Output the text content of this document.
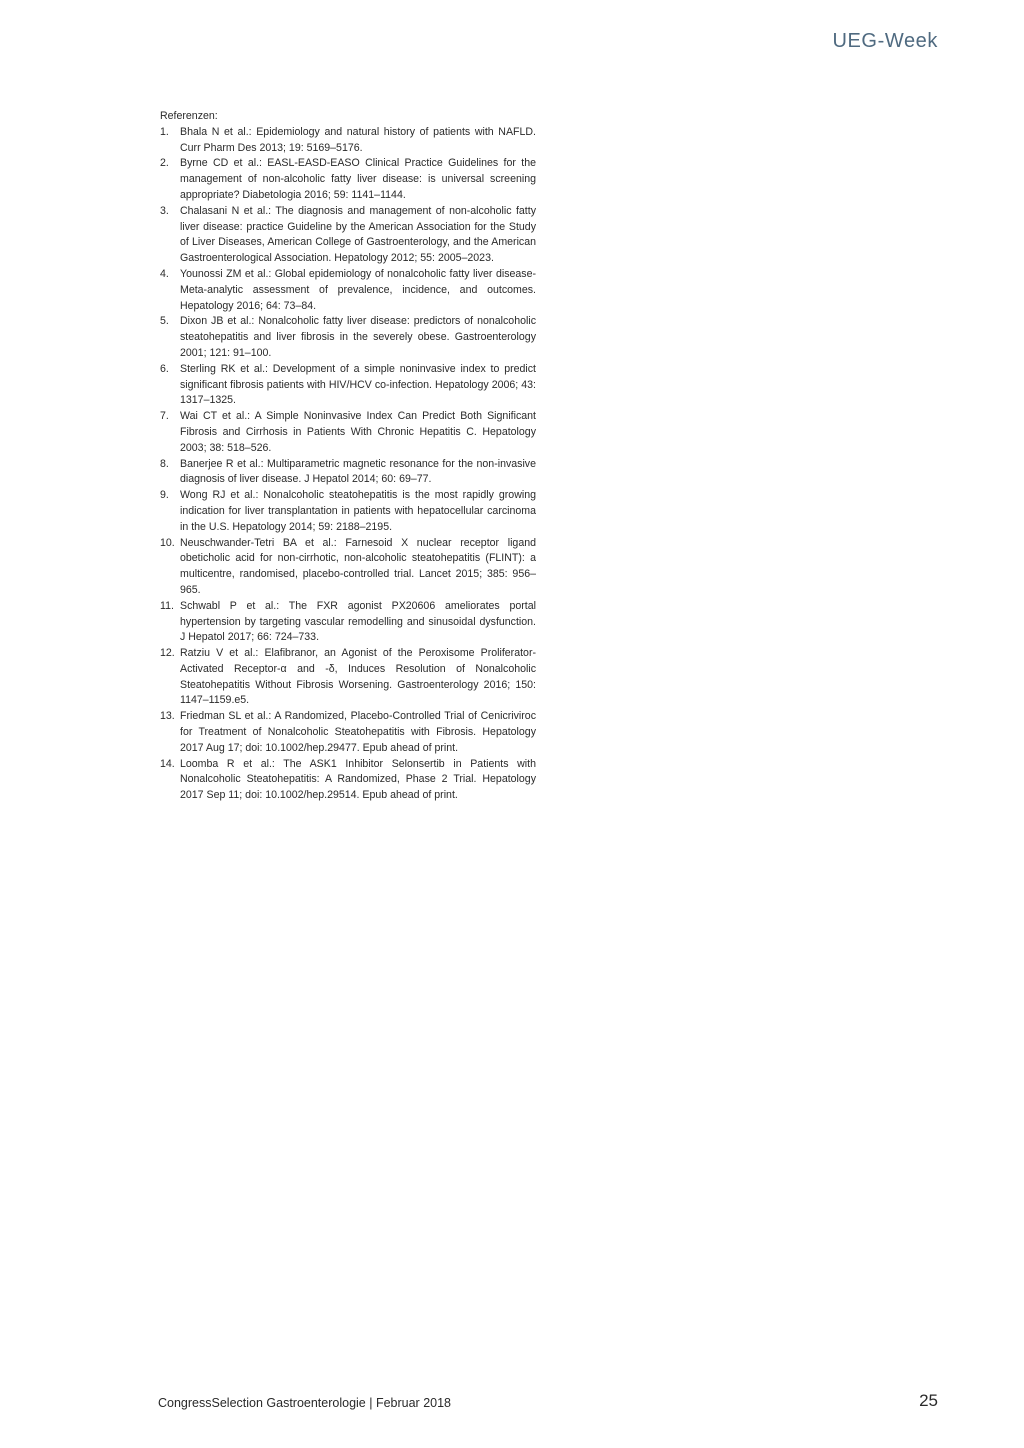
UEG-Week
Referenzen:
1.	Bhala N et al.: Epidemiology and natural history of patients with NAFLD. Curr Pharm Des 2013; 19: 5169–5176.
2.	Byrne CD et al.: EASL-EASD-EASO Clinical Practice Guidelines for the management of non-alcoholic fatty liver disease: is universal screening appropriate? Diabetologia 2016; 59: 1141–1144.
3.	Chalasani N et al.: The diagnosis and management of non-alcoholic fatty liver disease: practice Guideline by the American Association for the Study of Liver Diseases, American College of Gastroenterology, and the American Gastroenterological Association. Hepatology 2012; 55: 2005–2023.
4.	Younossi ZM et al.: Global epidemiology of nonalcoholic fatty liver disease-Meta-analytic assessment of prevalence, incidence, and outcomes. Hepatology 2016; 64: 73–84.
5.	Dixon JB et al.: Nonalcoholic fatty liver disease: predictors of nonalcoholic steatohepatitis and liver fibrosis in the severely obese. Gastroenterology 2001; 121: 91–100.
6.	Sterling RK et al.: Development of a simple noninvasive index to predict significant fibrosis patients with HIV/HCV co-infection. Hepatology 2006; 43: 1317–1325.
7.	Wai CT et al.: A Simple Noninvasive Index Can Predict Both Significant Fibrosis and Cirrhosis in Patients With Chronic Hepatitis C. Hepatology 2003; 38: 518–526.
8.	Banerjee R et al.: Multiparametric magnetic resonance for the non-invasive diagnosis of liver disease. J Hepatol 2014; 60: 69–77.
9.	Wong RJ et al.: Nonalcoholic steatohepatitis is the most rapidly growing indication for liver transplantation in patients with hepatocellular carcinoma in the U.S. Hepatology 2014; 59: 2188–2195.
10. Neuschwander-Tetri BA et al.: Farnesoid X nuclear receptor ligand obeticholic acid for non-cirrhotic, non-alcoholic steatohepatitis (FLINT): a multicentre, randomised, placebo-controlled trial. Lancet 2015; 385: 956–965.
11. Schwabl P et al.: The FXR agonist PX20606 ameliorates portal hypertension by targeting vascular remodelling and sinusoidal dysfunction. J Hepatol 2017; 66: 724–733.
12. Ratziu V et al.: Elafibranor, an Agonist of the Peroxisome Proliferator-Activated Receptor-α and -δ, Induces Resolution of Nonalcoholic Steatohepatitis Without Fibrosis Worsening. Gastroenterology 2016; 150: 1147–1159.e5.
13. Friedman SL et al.: A Randomized, Placebo-Controlled Trial of Cenicriviroc for Treatment of Nonalcoholic Steatohepatitis with Fibrosis. Hepatology 2017 Aug 17; doi: 10.1002/hep.29477. Epub ahead of print.
14. Loomba R et al.: The ASK1 Inhibitor Selonsertib in Patients with Nonalcoholic Steatohepatitis: A Randomized, Phase 2 Trial. Hepatology 2017 Sep 11; doi: 10.1002/hep.29514. Epub ahead of print.
CongressSelection Gastroenterologie | Februar 2018	25
